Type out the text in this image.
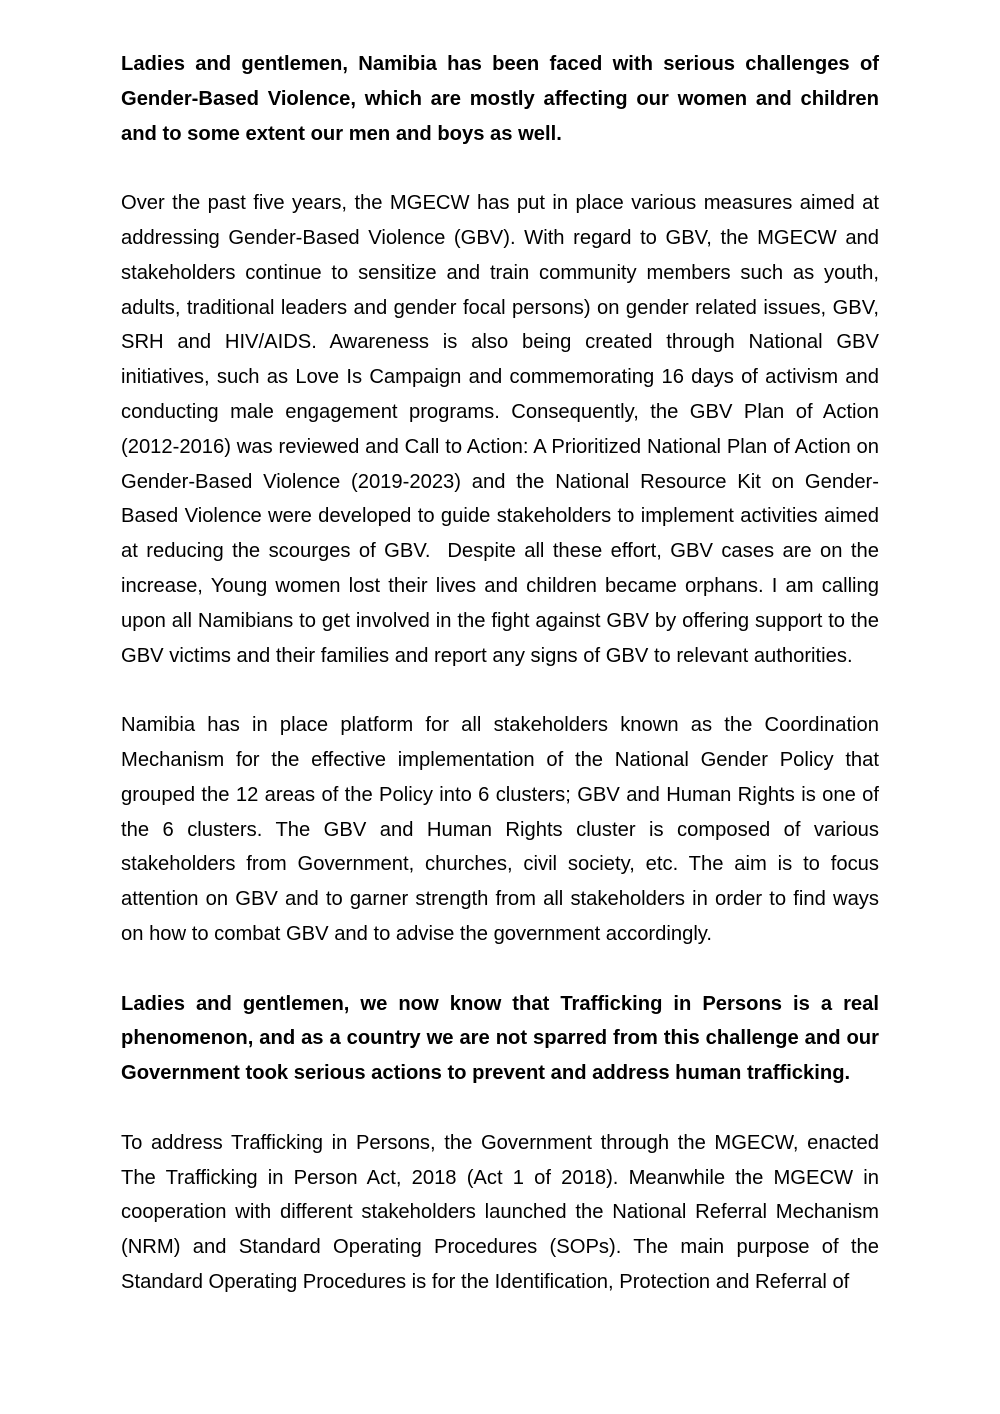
Ladies and gentlemen, Namibia has been faced with serious challenges of Gender-Based Violence, which are mostly affecting our women and children and to some extent our men and boys as well.

Over the past five years, the MGECW has put in place various measures aimed at addressing Gender-Based Violence (GBV). With regard to GBV, the MGECW and stakeholders continue to sensitize and train community members such as youth, adults, traditional leaders and gender focal persons) on gender related issues, GBV, SRH and HIV/AIDS. Awareness is also being created through National GBV initiatives, such as Love Is Campaign and commemorating 16 days of activism and conducting male engagement programs. Consequently, the GBV Plan of Action (2012-2016) was reviewed and Call to Action: A Prioritized National Plan of Action on Gender-Based Violence (2019-2023) and the National Resource Kit on Gender-Based Violence were developed to guide stakeholders to implement activities aimed at reducing the scourges of GBV.  Despite all these effort, GBV cases are on the increase, Young women lost their lives and children became orphans. I am calling upon all Namibians to get involved in the fight against GBV by offering support to the GBV victims and their families and report any signs of GBV to relevant authorities.

Namibia has in place platform for all stakeholders known as the Coordination Mechanism for the effective implementation of the National Gender Policy that grouped the 12 areas of the Policy into 6 clusters; GBV and Human Rights is one of the 6 clusters. The GBV and Human Rights cluster is composed of various stakeholders from Government, churches, civil society, etc. The aim is to focus attention on GBV and to garner strength from all stakeholders in order to find ways on how to combat GBV and to advise the government accordingly.

Ladies and gentlemen, we now know that Trafficking in Persons is a real phenomenon, and as a country we are not sparred from this challenge and our Government took serious actions to prevent and address human trafficking.

To address Trafficking in Persons, the Government through the MGECW, enacted The Trafficking in Person Act, 2018 (Act 1 of 2018). Meanwhile the MGECW in cooperation with different stakeholders launched the National Referral Mechanism (NRM) and Standard Operating Procedures (SOPs). The main purpose of the Standard Operating Procedures is for the Identification, Protection and Referral of
